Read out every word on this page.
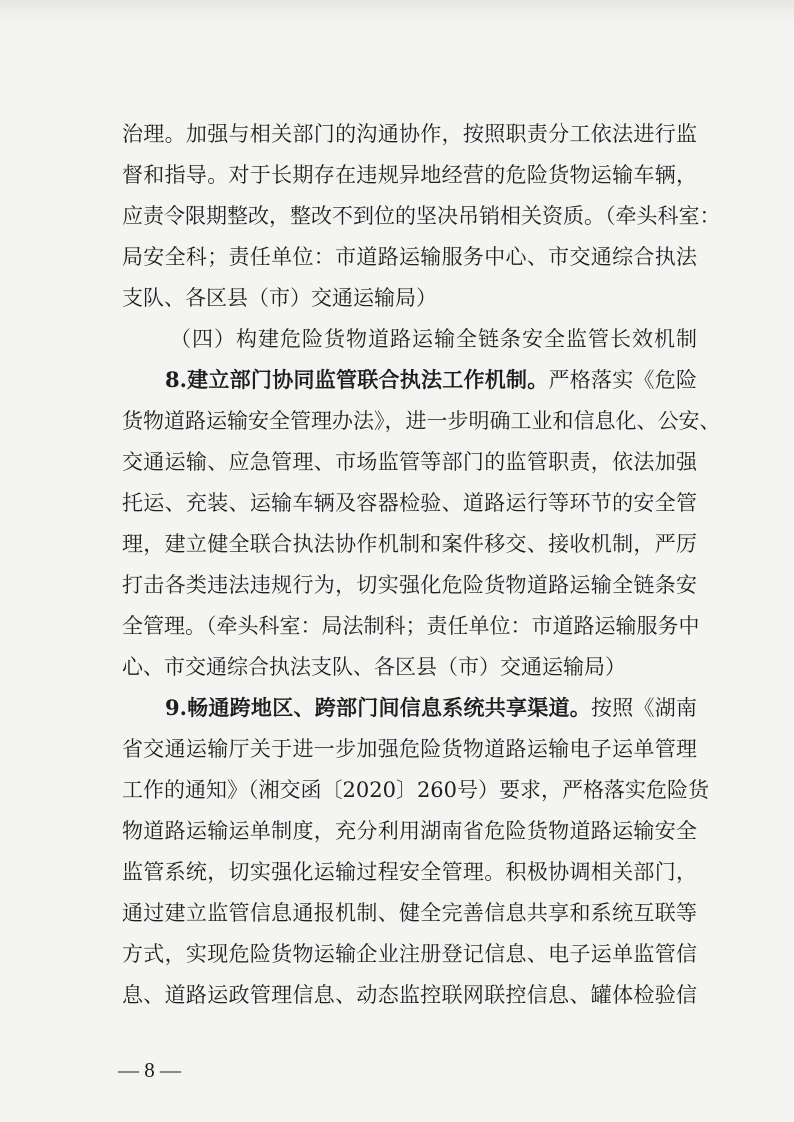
治理。加强与相关部门的沟通协作，按照职责分工依法进行监
督和指导。对于长期存在违规异地经营的危险货物运输车辆，
应责令限期整改，整改不到位的坚决吊销相关资质。（牵头科室：
局安全科；责任单位：市道路运输服务中心、市交通综合执法
支队、各区县（市）交通运输局）
（四）构建危险货物道路运输全链条安全监管长效机制
8.建立部门协同监管联合执法工作机制。严格落实《危险
货物道路运输安全管理办法》，进一步明确工业和信息化、公安、
交通运输、应急管理、市场监管等部门的监管职责，依法加强
托运、充装、运输车辆及容器检验、道路运行等环节的安全管
理，建立健全联合执法协作机制和案件移交、接收机制，严厉
打击各类违法违规行为，切实强化危险货物道路运输全链条安
全管理。（牵头科室：局法制科；责任单位：市道路运输服务中
心、市交通综合执法支队、各区县（市）交通运输局）
9.畅通跨地区、跨部门间信息系统共享渠道。按照《湖南
省交通运输厅关于进一步加强危险货物道路运输电子运单管理
工作的通知》（湘交函〔2020〕260号）要求，严格落实危险货
物道路运输运单制度，充分利用湖南省危险货物道路运输安全
监管系统，切实强化运输过程安全管理。积极协调相关部门，
通过建立监管信息通报机制、健全完善信息共享和系统互联等
方式，实现危险货物运输企业注册登记信息、电子运单监管信
息、道路运政管理信息、动态监控联网联控信息、罐体检验信
— 8 —
